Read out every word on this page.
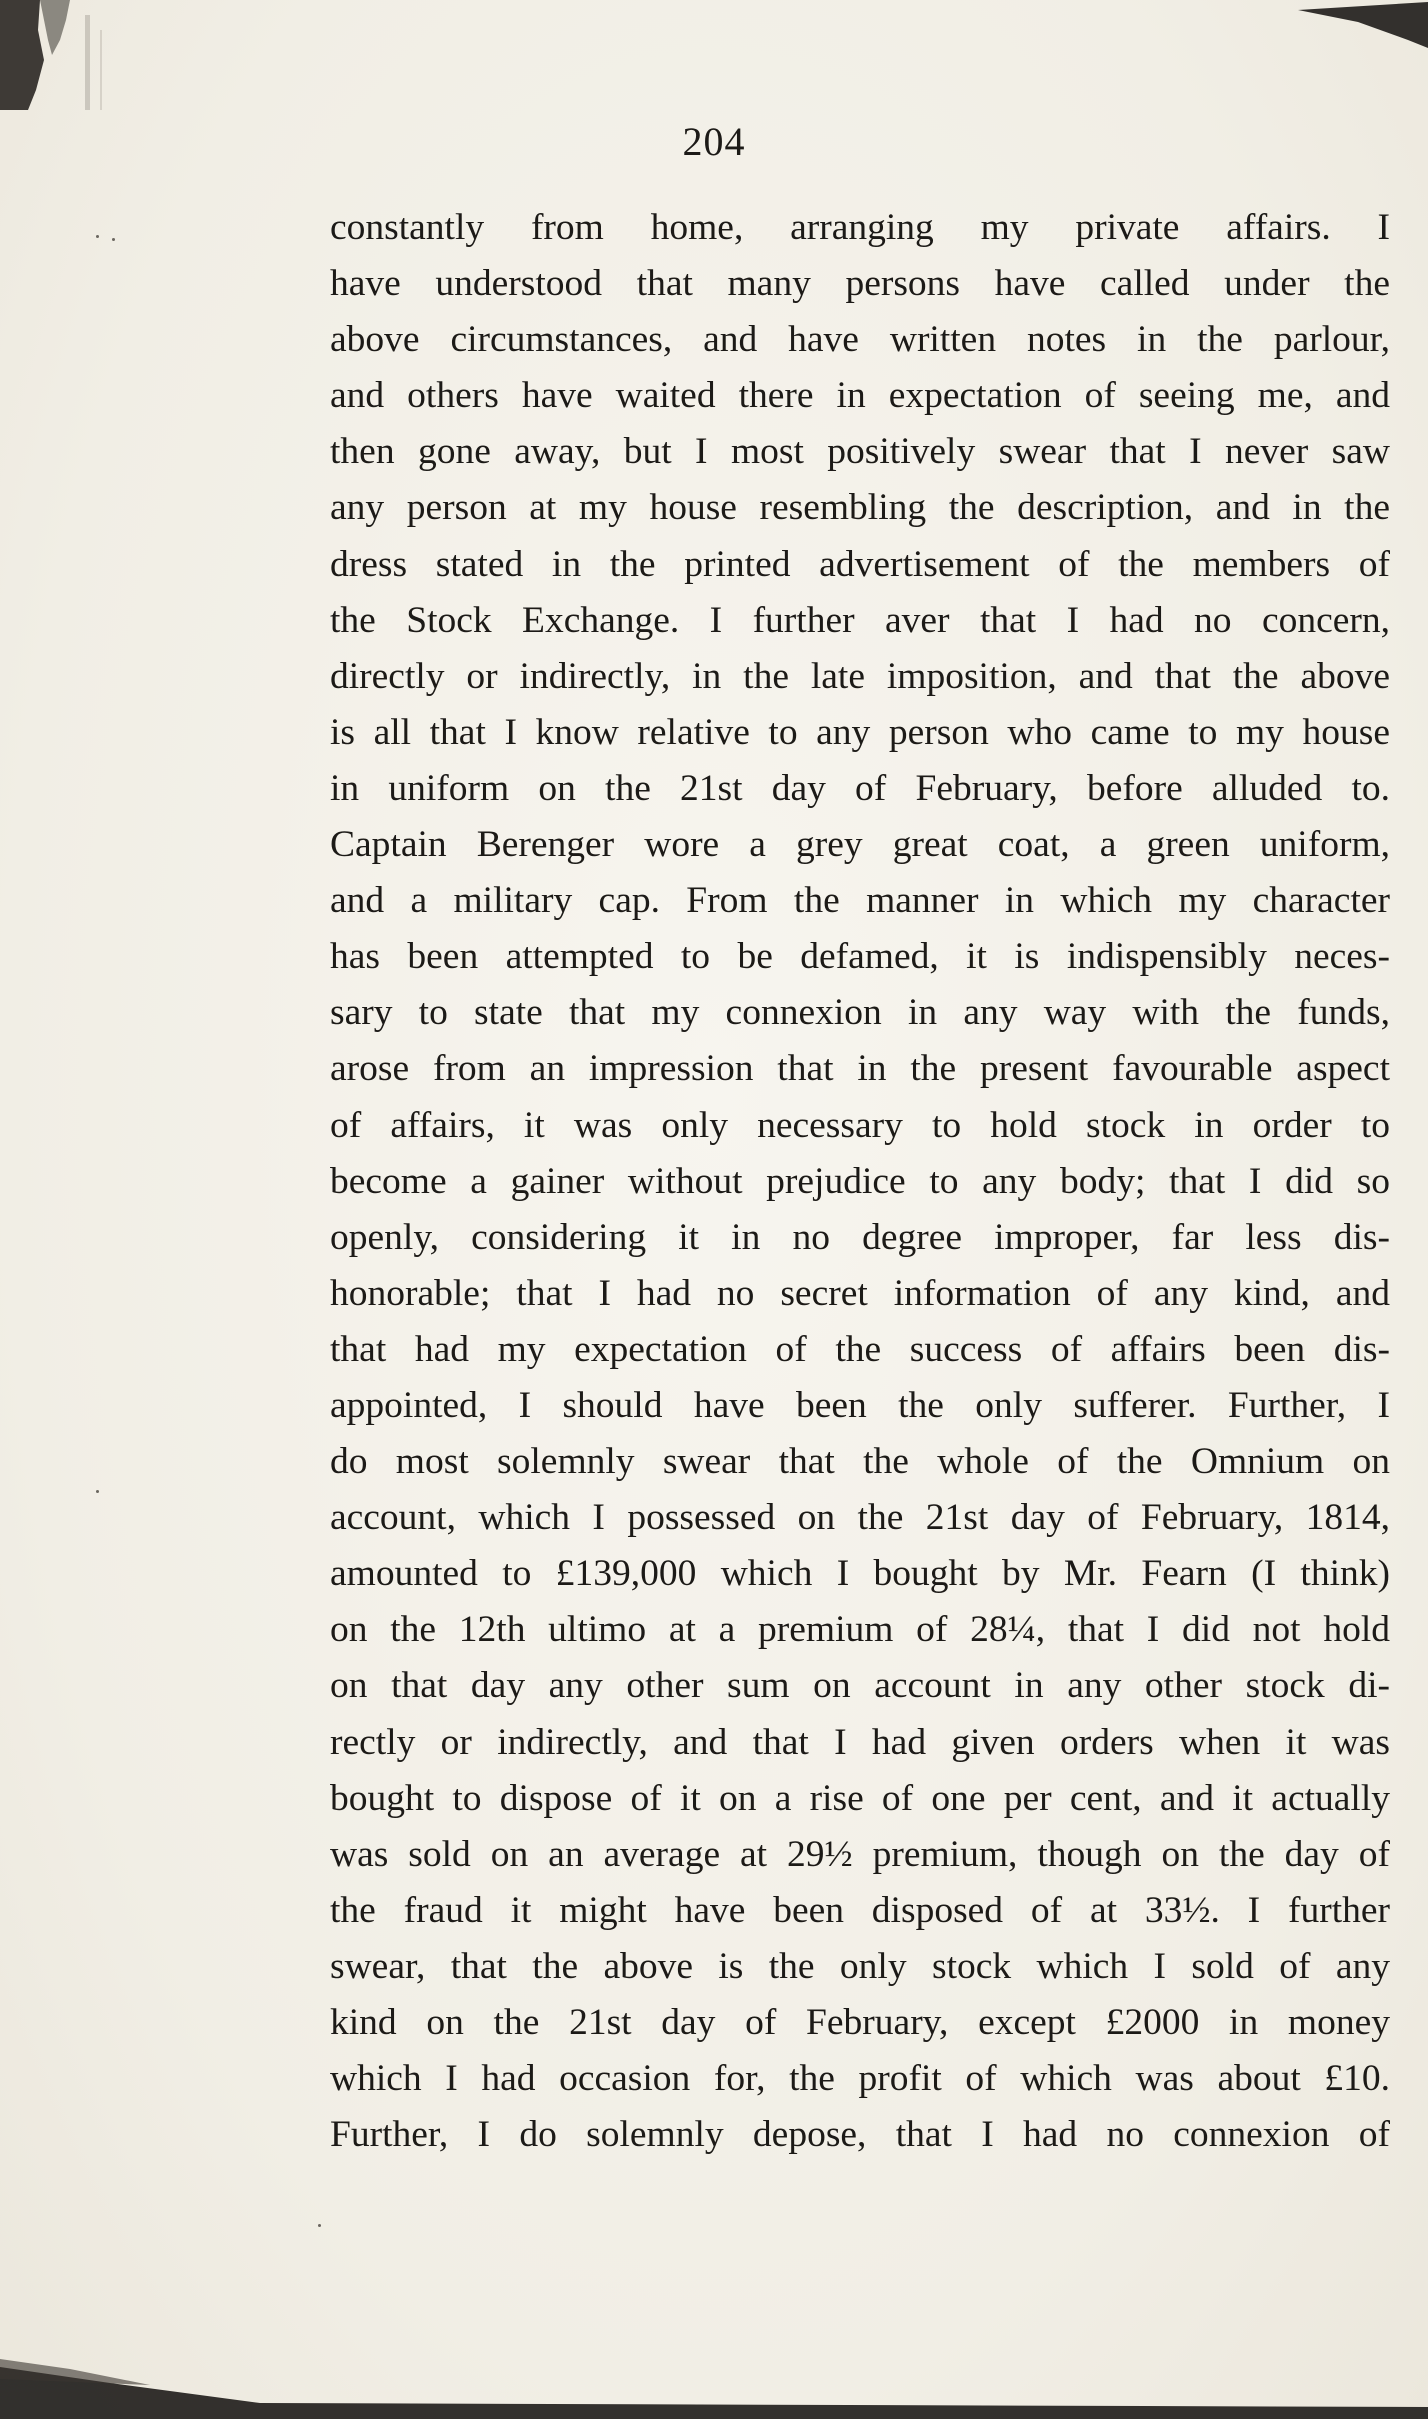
204
constantly from home, arranging my private affairs. I
have understood that many persons have called under the
above circumstances, and have written notes in the parlour,
and others have waited there in expectation of seeing me, and
then gone away, but I most positively swear that I never saw
any person at my house resembling the description, and in the
dress stated in the printed advertisement of the members of
the Stock Exchange. I further aver that I had no concern,
directly or indirectly, in the late imposition, and that the above
is all that I know relative to any person who came to my house
in uniform on the 21st day of February, before alluded to.
Captain Berenger wore a grey great coat, a green uniform,
and a military cap. From the manner in which my character
has been attempted to be defamed, it is indispensibly neces-
sary to state that my connexion in any way with the funds,
arose from an impression that in the present favourable aspect
of affairs, it was only necessary to hold stock in order to
become a gainer without prejudice to any body; that I did so
openly, considering it in no degree improper, far less dis-
honorable; that I had no secret information of any kind, and
that had my expectation of the success of affairs been dis-
appointed, I should have been the only sufferer. Further, I
do most solemnly swear that the whole of the Omnium on
account, which I possessed on the 21st day of February, 1814,
amounted to £139,000 which I bought by Mr. Fearn (I think)
on the 12th ultimo at a premium of 28¼, that I did not hold
on that day any other sum on account in any other stock di-
rectly or indirectly, and that I had given orders when it was
bought to dispose of it on a rise of one per cent, and it actually
was sold on an average at 29½ premium, though on the day of
the fraud it might have been disposed of at 33½. I further
swear, that the above is the only stock which I sold of any
kind on the 21st day of February, except £2000 in money
which I had occasion for, the profit of which was about £10.
Further, I do solemnly depose, that I had no connexion of
